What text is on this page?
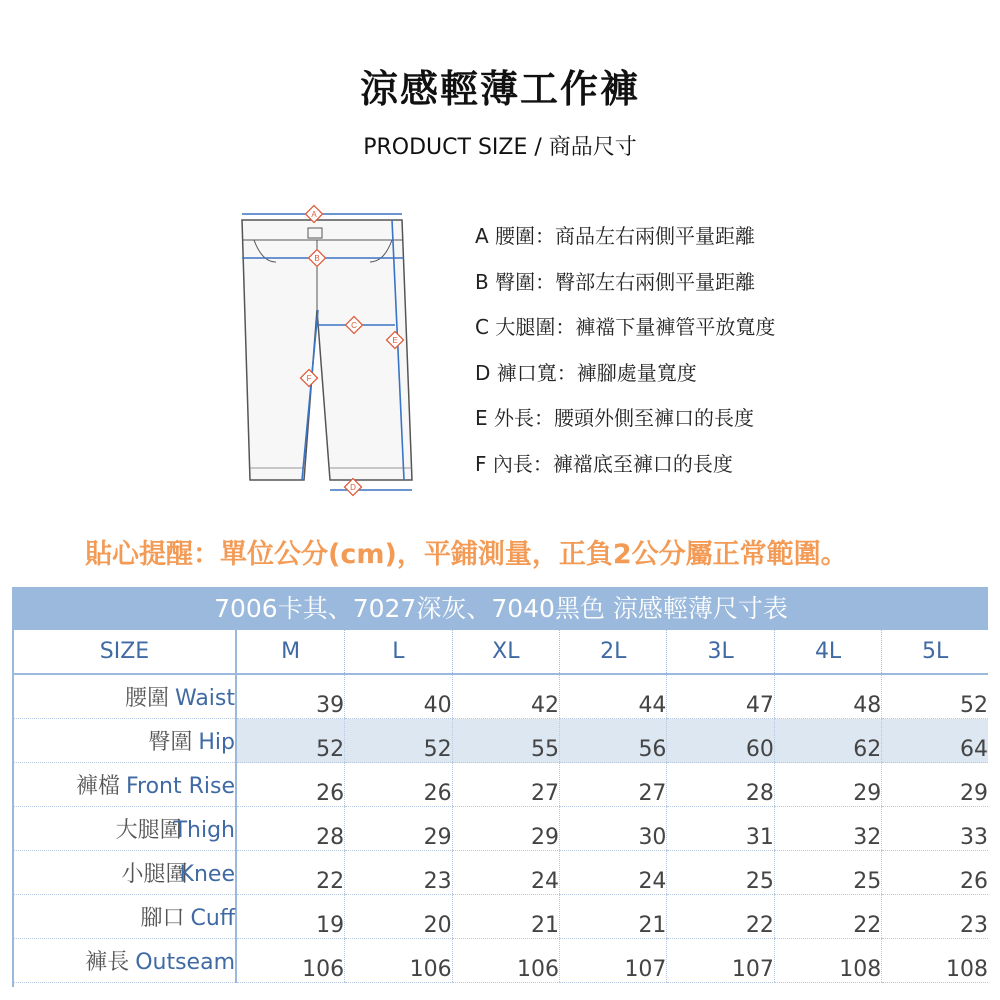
涼感輕薄工作褲
PRODUCT SIZE / 商品尺寸
A
B
C
D
E
F
A 腰圍：商品左右兩側平量距離
B 臀圍：臀部左右兩側平量距離
C 大腿圍：褲襠下量褲管平放寬度
D 褲口寬：褲腳處量寬度
E 外長：腰頭外側至褲口的長度
F 內長：褲襠底至褲口的長度
貼心提醒：單位公分(cm)，平鋪測量，正負2公分屬正常範圍。
7006卡其、7027深灰、7040黑色 涼感輕薄尺寸表
SIZE	M	L	XL	2L	3L	4L	5L
腰圍 Waist	39	40	42	44	47	48	52
臀圍 Hip	52	52	55	56	60	62	64
褲檔 Front Rise	26	26	27	27	28	29	29
大腿圍Thigh	28	29	29	30	31	32	33
小腿圍Knee	22	23	24	24	25	25	26
腳口 Cuff	19	20	21	21	22	22	23
褲長 Outseam	106	106	106	107	107	108	108
